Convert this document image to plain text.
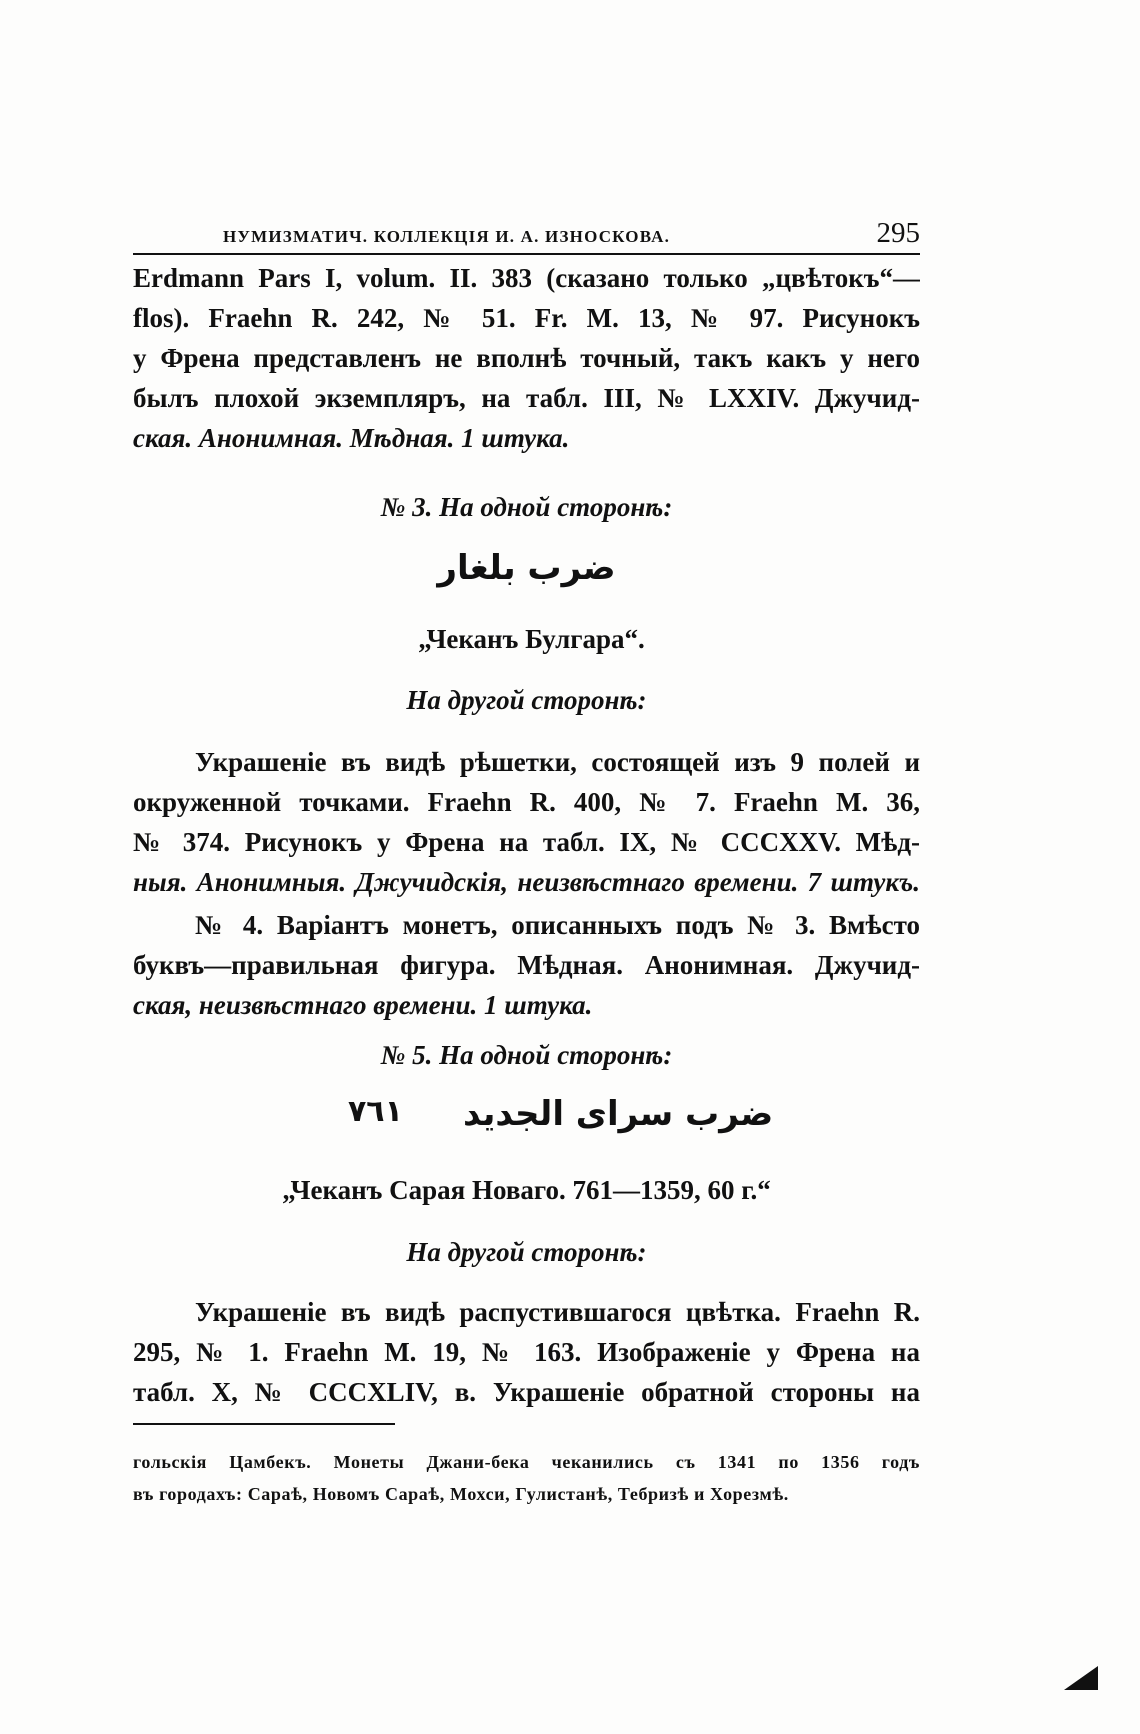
НУМИЗМАТИЧ. КОЛЛЕКЦІЯ И. А. ИЗНОСКОВА.	295
Erdmann Pars I, volum. II. 383 (сказано только „цвѣтокъ“—
flos). Fraehn R. 242, № 51. Fr. M. 13, № 97. Рисунокъ
у Френа представленъ не вполнѣ точный, такъ какъ у него
былъ плохой экземпляръ, на табл. III, № LXXIV. Джучид-
ская. Анонимная. Мѣдная. 1 штука.
№ 3. На одной сторонѣ:
ضرب بلغار
„Чеканъ Булгара“.
На другой сторонѣ:
Украшеніе въ видѣ рѣшетки, состоящей изъ 9 полей и
окруженной точками. Fraehn R. 400, № 7. Fraehn M. 36,
№ 374. Рисунокъ у Френа на табл. IX, № CCCXXV. Мѣд-
ныя. Анонимныя. Джучидскія, неизвѣстнаго времени. 7 штукъ.
№ 4. Варіантъ монетъ, описанныхъ подъ № 3. Вмѣсто
буквъ—правильная фигура. Мѣдная. Анонимная. Джучид-
ская, неизвѣстнаго времени. 1 штука.
№ 5. На одной сторонѣ:
٧٦١ ضرب سراى الجديد
„Чеканъ Сарая Новаго. 761—1359, 60 г.“
На другой сторонѣ:
Украшеніе въ видѣ распустившагося цвѣтка. Fraehn R.
295, № 1. Fraehn M. 19, № 163. Изображеніе у Френа на
табл. X, № CCCXLIV, в. Украшеніе обратной стороны на
гольскія Цамбекъ. Монеты Джани-бека чеканились съ 1341 по 1356 годъ
въ городахъ: Сараѣ, Новомъ Сараѣ, Мохси, Гулистанѣ, Тебризѣ и Хорезмѣ.
